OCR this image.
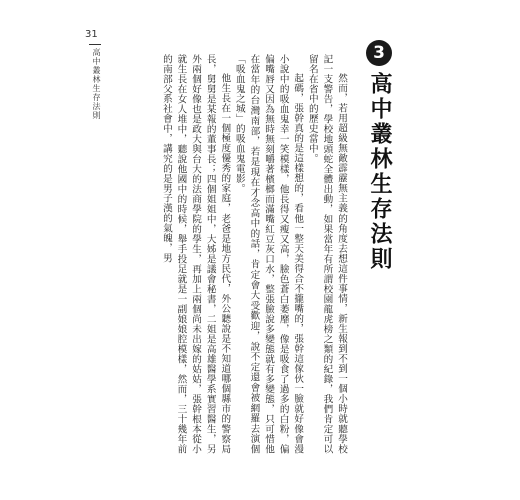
31
高中叢林生存法則	然而，若用超級無敵霹靂無主義的角度去想這件事情，新生報到不到一個小時就聽學校記一支警告，學校地頭蛇全體出動，如果當年有所謂校園龍虎榜之類的紀錄，我們肯定可以留名在省中的歷史當中。

起碼，張幹真的是這樣想的，看他一整天美得合不攏嘴的，張幹這傢伙一臉就好像會漫小說中的吸血鬼幸一笑模樣，他長得又瘦又高，臉色蒼白萎靡，像是吸食了過多的白粉，偏偏嘴唇又因為無時無刻嚼著檳榔而滿嘴紅豆灰口水，整張臉說多變態就有多變態，只可惜他在當年的台灣南部，若是現在才念高中的話，肯定會大受歡迎，說不定還會被網羅去演個「吸血鬼之城」的吸血鬼電影。

他生長在一個極度優秀的家庭，老爸是地方民代，外公聽說是不知道哪個縣市的警察局長，舅舅是某報的董事長；四個姐姐中，大姊是議會秘書，二姐是高雄醫學系實習醫生，另外兩個好像也是政大與台大的法商學院的學生，再加上兩個尚未出嫁的姑姑，張幹根本從小就生長在女人堆中，聽說他國中的時候，舉手投足就是一副娘娘腔模樣，然而，三十幾年前的南部父系社會中，講究的是男子漢的氣魄，男

3
高中叢林生存法則
